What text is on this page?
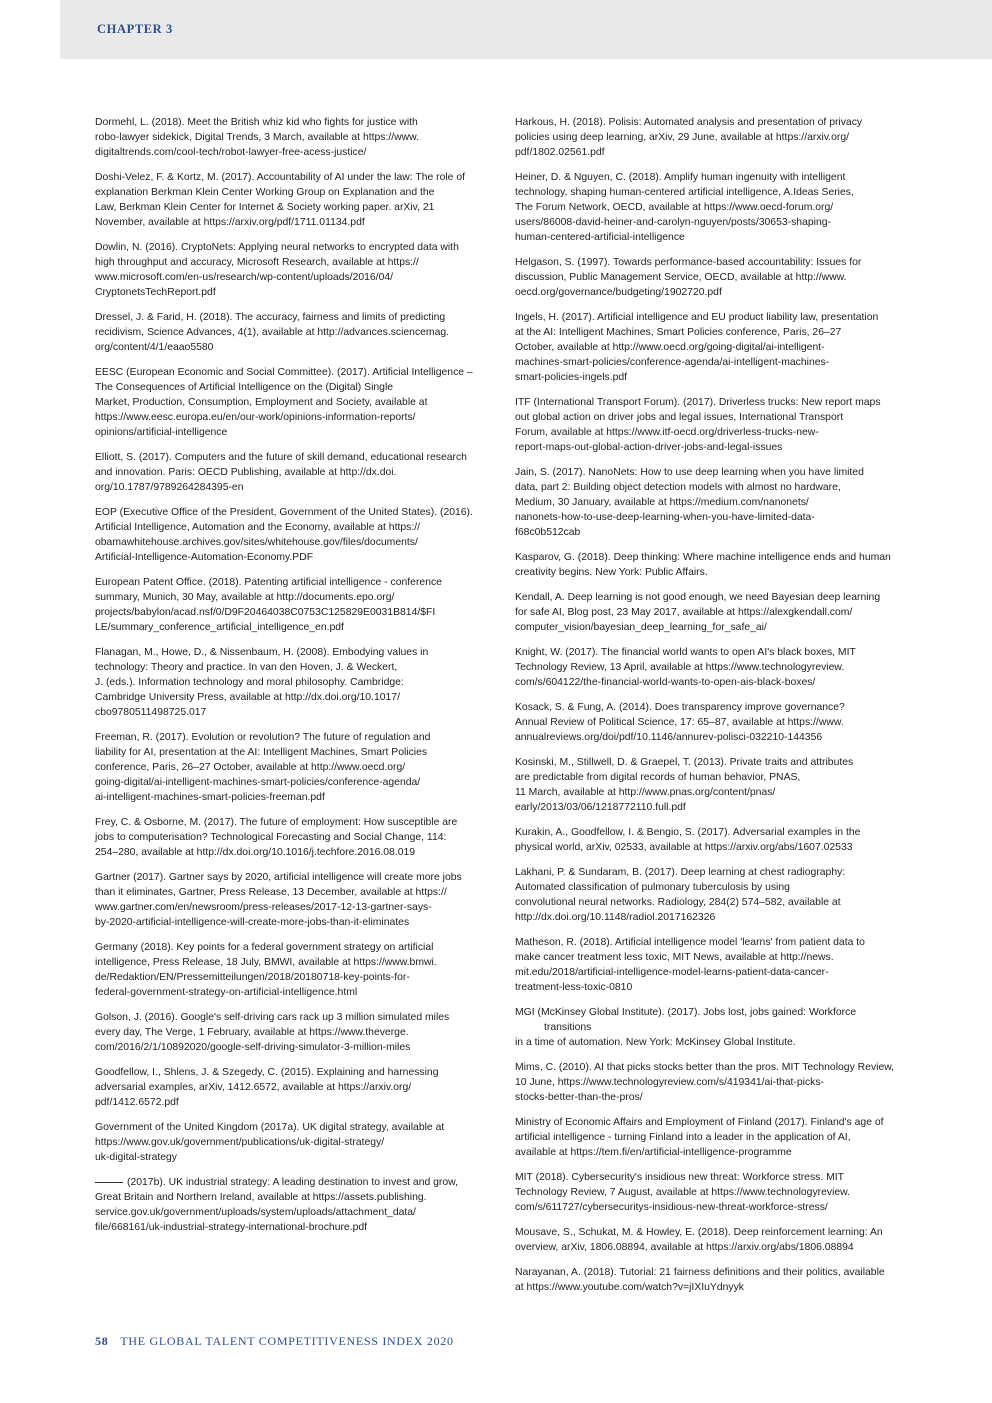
CHAPTER 3
Dormehl, L. (2018). Meet the British whiz kid who fights for justice with
robo-lawyer sidekick, Digital Trends, 3 March, available at https://www.
digitaltrends.com/cool-tech/robot-lawyer-free-acess-justice/
Doshi-Velez, F. & Kortz, M. (2017). Accountability of AI under the law: The role of
explanation Berkman Klein Center Working Group on Explanation and the
Law, Berkman Klein Center for Internet & Society working paper. arXiv, 21
November, available at https://arxiv.org/pdf/1711.01134.pdf
Dowlin, N. (2016). CryptoNets: Applying neural networks to encrypted data with
high throughput and accuracy, Microsoft Research, available at https://
www.microsoft.com/en-us/research/wp-content/uploads/2016/04/
CryptonetsTechReport.pdf
Dressel, J. & Farid, H. (2018). The accuracy, fairness and limits of predicting
recidivism, Science Advances, 4(1), available at http://advances.sciencemag.
org/content/4/1/eaao5580
EESC (European Economic and Social Committee). (2017). Artificial Intelligence –
The Consequences of Artificial Intelligence on the (Digital) Single
Market, Production, Consumption, Employment and Society, available at
https://www.eesc.europa.eu/en/our-work/opinions-information-reports/
opinions/artificial-intelligence
Elliott, S. (2017). Computers and the future of skill demand, educational research
and innovation. Paris: OECD Publishing, available at http://dx.doi.
org/10.1787/9789264284395-en
EOP (Executive Office of the President, Government of the United States). (2016).
Artificial Intelligence, Automation and the Economy, available at https://
obamawhitehouse.archives.gov/sites/whitehouse.gov/files/documents/
Artificial-Intelligence-Automation-Economy.PDF
European Patent Office. (2018). Patenting artificial intelligence - conference
summary, Munich, 30 May, available at http://documents.epo.org/
projects/babylon/acad.nsf/0/D9F20464038C0753C125829E0031B814/$FI
LE/summary_conference_artificial_intelligence_en.pdf
Flanagan, M., Howe, D., & Nissenbaum, H. (2008). Embodying values in
technology: Theory and practice. In van den Hoven, J. & Weckert,
J. (eds.). Information technology and moral philosophy. Cambridge:
Cambridge University Press, available at http://dx.doi.org/10.1017/
cbo9780511498725.017
Freeman, R. (2017). Evolution or revolution? The future of regulation and
liability for AI, presentation at the AI: Intelligent Machines, Smart Policies
conference, Paris, 26–27 October, available at http://www.oecd.org/
going-digital/ai-intelligent-machines-smart-policies/conference-agenda/
ai-intelligent-machines-smart-policies-freeman.pdf
Frey, C. & Osborne, M. (2017). The future of employment: How susceptible are
jobs to computerisation? Technological Forecasting and Social Change, 114:
254–280, available at http://dx.doi.org/10.1016/j.techfore.2016.08.019
Gartner (2017). Gartner says by 2020, artificial intelligence will create more jobs
than it eliminates, Gartner, Press Release, 13 December, available at https://
www.gartner.com/en/newsroom/press-releases/2017-12-13-gartner-says-
by-2020-artificial-intelligence-will-create-more-jobs-than-it-eliminates
Germany (2018). Key points for a federal government strategy on artificial
intelligence, Press Release, 18 July, BMWI, available at https://www.bmwi.
de/Redaktion/EN/Pressemitteilungen/2018/20180718-key-points-for-
federal-government-strategy-on-artificial-intelligence.html
Golson, J. (2016). Google's self-driving cars rack up 3 million simulated miles
every day, The Verge, 1 February, available at https://www.theverge.
com/2016/2/1/10892020/google-self-driving-simulator-3-million-miles
Goodfellow, I., Shlens, J. & Szegedy, C. (2015). Explaining and harnessing
adversarial examples, arXiv, 1412.6572, available at https://arxiv.org/
pdf/1412.6572.pdf
Government of the United Kingdom (2017a). UK digital strategy, available at
https://www.gov.uk/government/publications/uk-digital-strategy/
uk-digital-strategy
(2017b). UK industrial strategy: A leading destination to invest and grow,

Great Britain and Northern Ireland, available at https://assets.publishing.
service.gov.uk/government/uploads/system/uploads/attachment_data/
file/668161/uk-industrial-strategy-international-brochure.pdf
Harkous, H. (2018). Polisis: Automated analysis and presentation of privacy
policies using deep learning, arXiv, 29 June, available at https://arxiv.org/
pdf/1802.02561.pdf
Heiner, D. & Nguyen, C. (2018). Amplify human ingenuity with intelligent
technology, shaping human-centered artificial intelligence, A.Ideas Series,
The Forum Network, OECD, available at https://www.oecd-forum.org/
users/86008-david-heiner-and-carolyn-nguyen/posts/30653-shaping-
human-centered-artificial-intelligence
Helgason, S. (1997). Towards performance-based accountability: Issues for
discussion, Public Management Service, OECD, available at http://www.
oecd.org/governance/budgeting/1902720.pdf
Ingels, H. (2017). Artificial intelligence and EU product liability law, presentation
at the AI: Intelligent Machines, Smart Policies conference, Paris, 26–27
October, available at http://www.oecd.org/going-digital/ai-intelligent-
machines-smart-policies/conference-agenda/ai-intelligent-machines-
smart-policies-ingels.pdf
ITF (International Transport Forum). (2017). Driverless trucks: New report maps
out global action on driver jobs and legal issues, International Transport
Forum, available at https://www.itf-oecd.org/driverless-trucks-new-
report-maps-out-global-action-driver-jobs-and-legal-issues
Jain, S. (2017). NanoNets: How to use deep learning when you have limited
data, part 2: Building object detection models with almost no hardware,
Medium, 30 January, available at https://medium.com/nanonets/
nanonets-how-to-use-deep-learning-when-you-have-limited-data-
f68c0b512cab
Kasparov, G. (2018). Deep thinking: Where machine intelligence ends and human
creativity begins. New York: Public Affairs.
Kendall, A. Deep learning is not good enough, we need Bayesian deep learning
for safe AI, Blog post, 23 May 2017, available at https://alexgkendall.com/
computer_vision/bayesian_deep_learning_for_safe_ai/
Knight, W. (2017). The financial world wants to open AI's black boxes, MIT
Technology Review, 13 April, available at https://www.technologyreview.
com/s/604122/the-financial-world-wants-to-open-ais-black-boxes/
Kosack, S. & Fung, A. (2014). Does transparency improve governance?
Annual Review of Political Science, 17: 65–87, available at https://www.
annualreviews.org/doi/pdf/10.1146/annurev-polisci-032210-144356
Kosinski, M., Stillwell, D. & Graepel, T. (2013). Private traits and attributes
are predictable from digital records of human behavior, PNAS,
11 March, available at http://www.pnas.org/content/pnas/
early/2013/03/06/1218772110.full.pdf
Kurakin, A., Goodfellow, I. & Bengio, S. (2017). Adversarial examples in the
physical world, arXiv, 02533, available at https://arxiv.org/abs/1607.02533
Lakhani, P. & Sundaram, B. (2017). Deep learning at chest radiography:
Automated classification of pulmonary tuberculosis by using
convolutional neural networks. Radiology, 284(2) 574–582, available at
http://dx.doi.org/10.1148/radiol.2017162326
Matheson, R. (2018). Artificial intelligence model 'learns' from patient data to
make cancer treatment less toxic, MIT News, available at http://news.
mit.edu/2018/artificial-intelligence-model-learns-patient-data-cancer-
treatment-less-toxic-0810
MGI (McKinsey Global Institute). (2017). Jobs lost, jobs gained: Workforce transitions
in a time of automation. New York: McKinsey Global Institute.
Mims, C. (2010). AI that picks stocks better than the pros. MIT Technology Review,
10 June, https://www.technologyreview.com/s/419341/ai-that-picks-
stocks-better-than-the-pros/
Ministry of Economic Affairs and Employment of Finland (2017). Finland's age of
artificial intelligence - turning Finland into a leader in the application of AI,
available at https://tem.fi/en/artificial-intelligence-programme
MIT (2018). Cybersecurity's insidious new threat: Workforce stress. MIT
Technology Review, 7 August, available at https://www.technologyreview.
com/s/611727/cybersecuritys-insidious-new-threat-workforce-stress/
Mousave, S., Schukat, M. & Howley, E. (2018). Deep reinforcement learning: An
overview, arXiv, 1806.08894, available at https://arxiv.org/abs/1806.08894
Narayanan, A. (2018). Tutorial: 21 fairness definitions and their politics, available
at https://www.youtube.com/watch?v=jIXIuYdnyyk
58 THE GLOBAL TALENT COMPETITIVENESS INDEX 2020
